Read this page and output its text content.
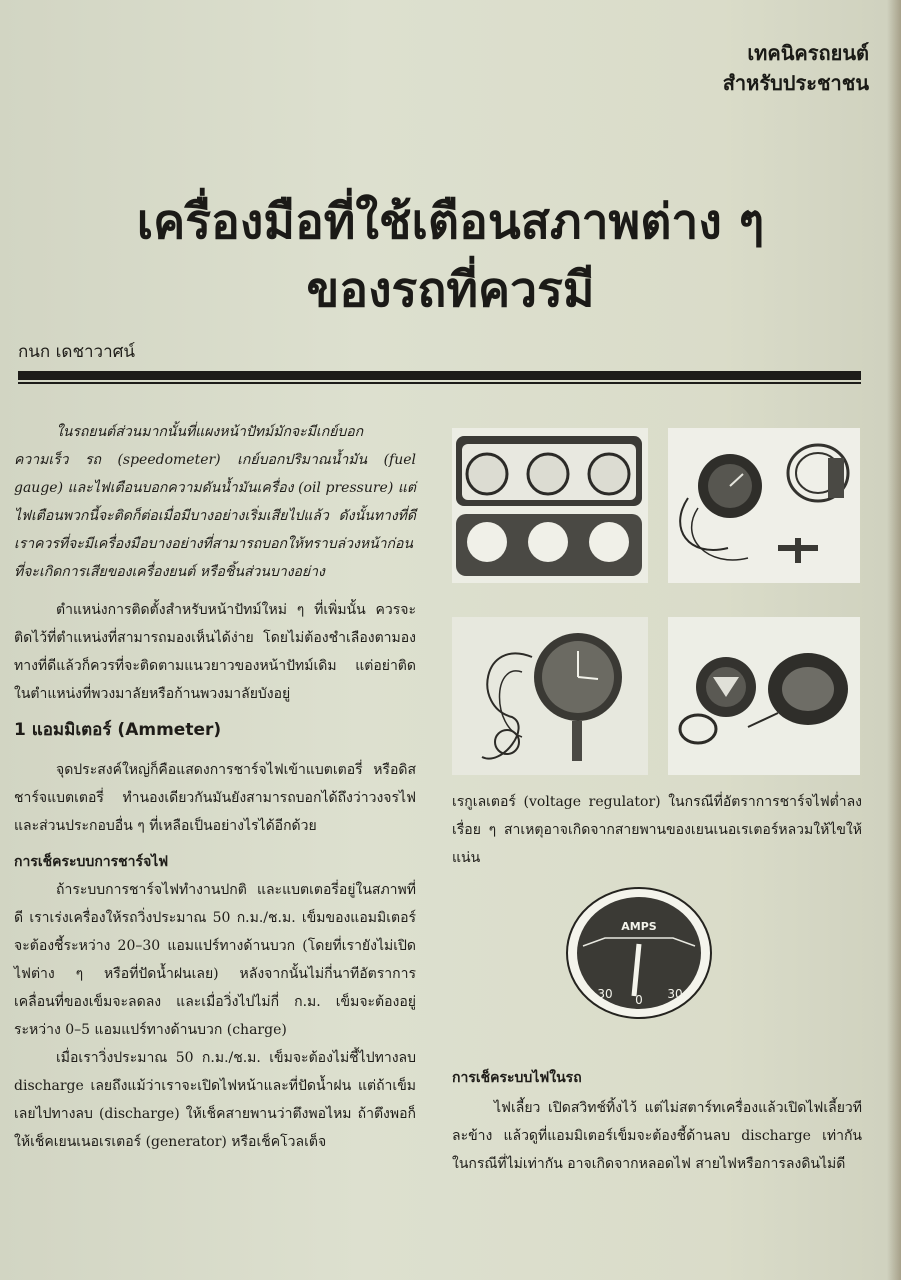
เทคนิครถยนต์
สำหรับประชาชน
เครื่องมือที่ใช้เตือนสภาพต่าง ๆ
ของรถที่ควรมี
กนก เดชาวาศน์

ในรถยนต์ส่วนมากนั้นที่แผงหน้าปัทม์มักจะมีเกย์บอกความเร็ว รถ (speedometer) เกย์บอกปริมาณน้ำมัน (fuel gauge) และไฟเตือนบอกความดันน้ำมันเครื่อง (oil pressure) แต่ไฟเตือนพวกนี้จะติดก็ต่อเมื่อมีบางอย่างเริ่มเสียไปแล้ว ดังนั้นทางที่ดี เราควรที่จะมีเครื่องมือบางอย่างที่สามารถบอกให้ทราบล่วงหน้าก่อนที่จะเกิดการเสียของเครื่องยนต์ หรือชิ้นส่วนบางอย่าง

ตำแหน่งการติดตั้งสำหรับหน้าปัทม์ใหม่ ๆ ที่เพิ่มนั้น ควรจะติดไว้ที่ตำแหน่งที่สามารถมองเห็นได้ง่าย โดยไม่ต้องชำเลืองตามอง ทางที่ดีแล้วก็ควรที่จะติดตามแนวยาวของหน้าปัทม์เดิม แต่อย่าติดในตำแหน่งที่พวงมาลัยหรือก้านพวงมาลัยบังอยู่

1 แอมมิเตอร์ (Ammeter)

จุดประสงค์ใหญ่ก็คือแสดงการชาร์จไฟเข้าแบตเตอรี่ หรือดิสชาร์จแบตเตอรี่ ทำนองเดียวกันมันยังสามารถบอกได้ถึงว่าวงจรไฟและส่วนประกอบอื่น ๆ ที่เหลือเป็นอย่างไรได้อีกด้วย

การเช็คระบบการชาร์จไฟ

ถ้าระบบการชาร์จไฟทำงานปกติ และแบตเตอรี่อยู่ในสภาพที่ดี เราเร่งเครื่องให้รถวิ่งประมาณ 50 ก.ม./ช.ม. เข็มของแอมมิเตอร์จะต้องชี้ระหว่าง 20–30 แอมแปร์ทางด้านบวก (โดยที่เรายังไม่เปิดไฟต่าง ๆ หรือที่ปัดน้ำฝนเลย) หลังจากนั้นไม่กี่นาทีอัตราการเคลื่อนที่ของเข็มจะลดลง และเมื่อวิ่งไปไม่กี่ ก.ม. เข็มจะต้องอยู่ระหว่าง 0–5 แอมแปร์ทางด้านบวก (charge)

เมื่อเราวิ่งประมาณ 50 ก.ม./ช.ม. เข็มจะต้องไม่ชี้ไปทางลบ discharge เลยถึงแม้ว่าเราจะเปิดไฟหน้าและที่ปัดน้ำฝน แต่ถ้าเข็มเลยไปทางลบ (discharge) ให้เช็คสายพานว่าตึงพอไหม ถ้าตึงพอก็ให้เช็คเยนเนอเรเตอร์ (generator) หรือเช็คโวลเต็จ

เรกูเลเตอร์ (voltage regulator) ในกรณีที่อัตราการชาร์จไฟต่ำลงเรื่อย ๆ สาเหตุอาจเกิดจากสายพานของเยนเนอเรเตอร์หลวมให้ไขให้แน่น

AMPS
30 0 30

การเช็คระบบไฟในรถ

ไฟเลี้ยว เปิดสวิทช์ทิ้งไว้ แต่ไม่สตาร์ทเครื่องแล้วเปิดไฟเลี้ยวทีละข้าง แล้วดูที่แอมมิเตอร์เข็มจะต้องชี้ด้านลบ discharge เท่ากัน ในกรณีที่ไม่เท่ากัน อาจเกิดจากหลอดไฟ สายไฟหรือการลงดินไม่ดี
